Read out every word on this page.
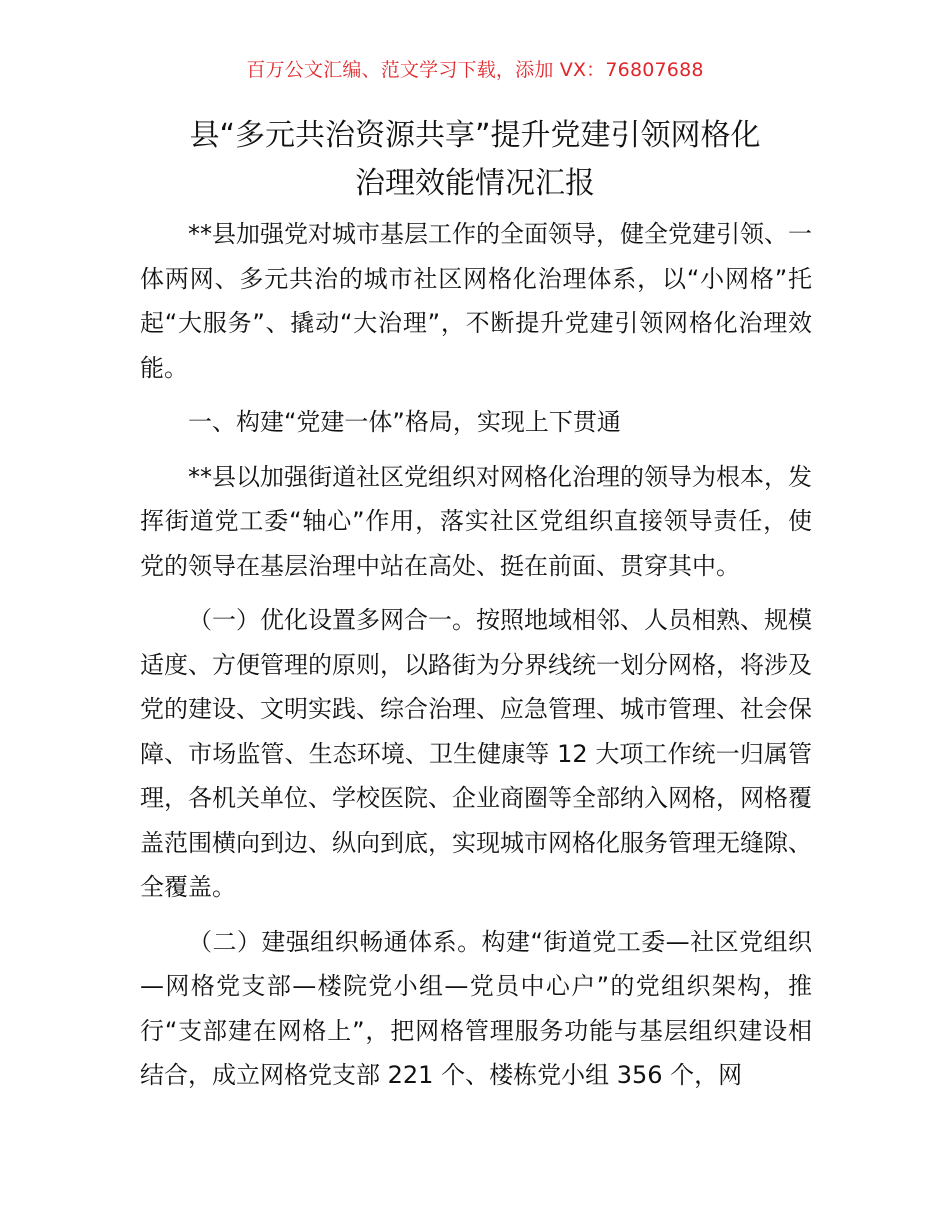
百万公文汇编、范文学习下载，添加 VX：76807688
县“多元共治资源共享”提升党建引领网格化
治理效能情况汇报

**县加强党对城市基层工作的全面领导，健全党建引领、一体两网、多元共治的城市社区网格化治理体系，以“小网格”托起“大服务”、撬动“大治理”，不断提升党建引领网格化治理效能。

一、构建“党建一体”格局，实现上下贯通

**县以加强街道社区党组织对网格化治理的领导为根本，发挥街道党工委“轴心”作用，落实社区党组织直接领导责任，使党的领导在基层治理中站在高处、挺在前面、贯穿其中。

（一）优化设置多网合一。按照地域相邻、人员相熟、规模适度、方便管理的原则，以路街为分界线统一划分网格，将涉及党的建设、文明实践、综合治理、应急管理、城市管理、社会保障、市场监管、生态环境、卫生健康等 12 大项工作统一归属管理，各机关单位、学校医院、企业商圈等全部纳入网格，网格覆盖范围横向到边、纵向到底，实现城市网格化服务管理无缝隙、全覆盖。

（二）建强组织畅通体系。构建“街道党工委—社区党组织—网格党支部—楼院党小组—党员中心户”的党组织架构，推行“支部建在网格上”，把网格管理服务功能与基层组织建设相结合，成立网格党支部 221 个、楼栋党小组 356 个，网
